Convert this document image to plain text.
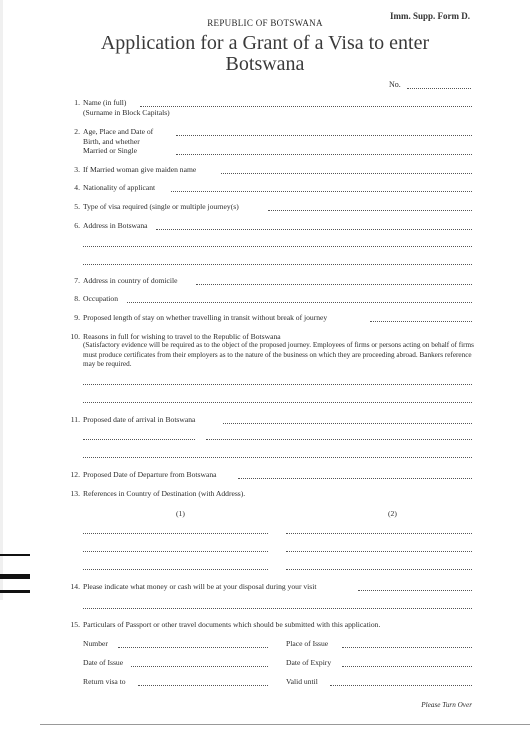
Imm. Supp. Form D.
REPUBLIC OF BOTSWANA
Application for a Grant of a Visa to enter
Botswana
No.
1. Name (in full)
(Surname in Block Capitals)
2. Age, Place and Date of
Birth, and whether
Married or Single
3. If Married woman give maiden name
4. Nationality of applicant
5. Type of visa required (single or multiple journey(s)
6. Address in Botswana
7. Address in country of domicile
8. Occupation
9. Proposed length of stay on whether travelling in transit without break of journey
10. Reasons in full for wishing to travel to the Republic of Botswana
(Satisfactory evidence will be required as to the object of the proposed journey. Employees of firms or persons acting on behalf of firms must produce certificates from their employers as to the nature of the business on which they are proceeding abroad. Bankers reference may be required.
11. Proposed date of arrival in Botswana
12. Proposed Date of Departure from Botswana
13. References in Country of Destination (with Address).
(1)	(2)
14. Please indicate what money or cash will be at your disposal during your visit
15. Particulars of Passport or other travel documents which should be submitted with this application.
Number	Place of Issue
Date of Issue	Date of Expiry
Return visa to	Valid until
Please Turn Over
